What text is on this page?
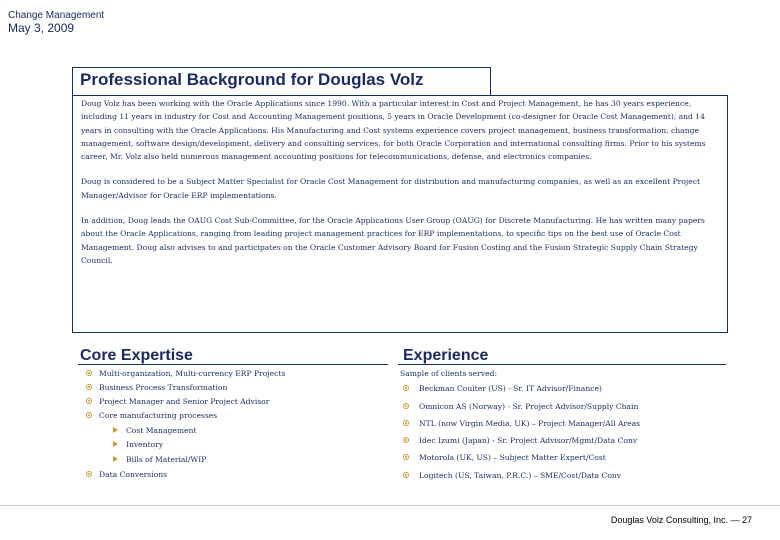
Change Management
May 3, 2009
Professional Background for Douglas Volz

Doug Volz has been working with the Oracle Applications since 1990. With a particular interest in Cost and Project Management, he has 30 years experience, including 11 years in industry for Cost and Accounting Management positions, 5 years in Oracle Development (co-designer for Oracle Cost Management), and 14 years in consulting with the Oracle Applications. His Manufacturing and Cost systems experience covers project management, business transformation, change management, software design/development, delivery and consulting services, for both Oracle Corporation and international consulting firms. Prior to his systems career, Mr. Volz also held numerous management accounting positions for telecommunications, defense, and electronics companies.

Doug is considered to be a Subject Matter Specialist for Oracle Cost Management for distribution and manufacturing companies, as well as an excellent Project Manager/Advisor for Oracle ERP implementations.

In addition, Doug leads the OAUG Cost Sub-Committee, for the Oracle Applications User Group (OAUG) for Discrete Manufacturing. He has written many papers about the Oracle Applications, ranging from leading project management practices for ERP implementations, to specific tips on the best use of Oracle Cost Management. Doug also advises to and participates on the Oracle Customer Advisory Board for Fusion Costing and the Fusion Strategic Supply Chain Strategy Council.

Core Expertise
Multi-organization, Multi-currency ERP Projects
Business Process Transformation
Project Manager and Senior Project Advisor
Core manufacturing processes
Cost Management
Inventory
Bills of Material/WIP
Data Conversions
Experience
Sample of clients served:
Beckman Coulter (US) - Sr. IT Advisor/Finance)
Omnicon AS (Norway) - Sr. Project Advisor/Supply Chain
NTL (now Virgin Media, UK) – Project Manager/All Areas
Idec Izumi (Japan) - Sr. Project Advisor/Mgmt/Data Conv
Motorola (UK, US) – Subject Matter Expert/Cost
Logitech (US, Taiwan, P.R.C.) – SME/Cost/Data Conv
Douglas Volz Consulting, Inc. — 27
